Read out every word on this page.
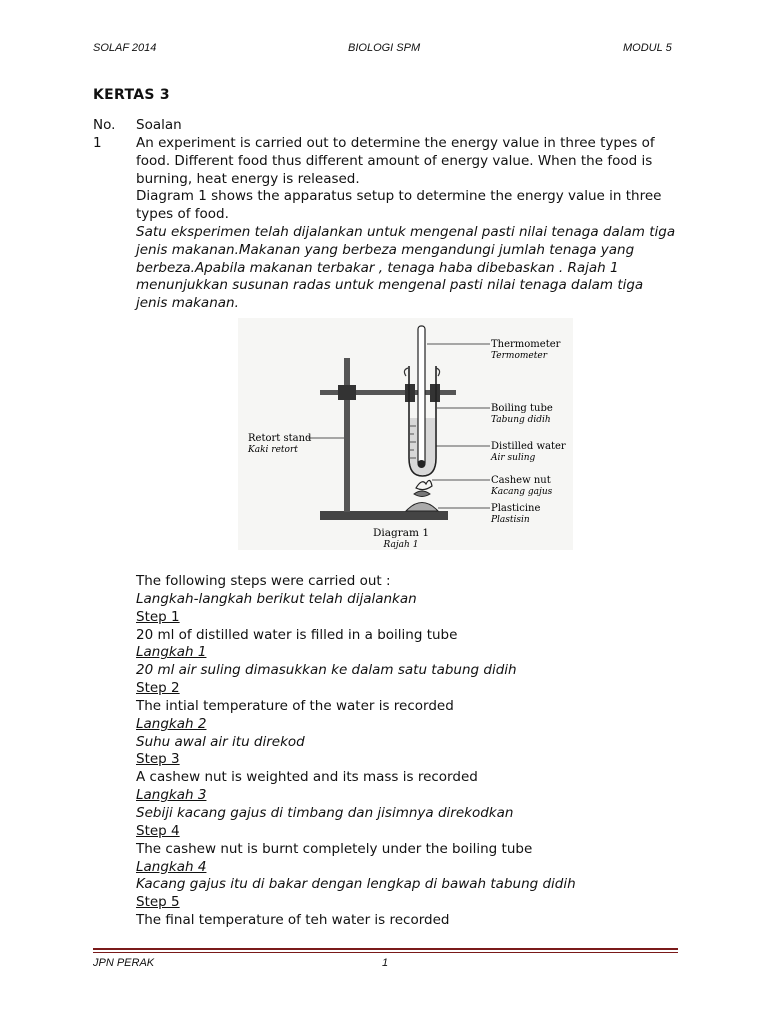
SOLAF 2014	BIOLOGI SPM	MODUL 5
KERTAS 3
No. Soalan
1	An experiment is carried out to determine the energy value in three types of food. Different food thus different amount of energy value. When the food is burning, heat energy is released.

Diagram 1 shows the apparatus setup to determine the energy value in three types of food.

Satu eksperimen telah dijalankan untuk mengenal pasti nilai tenaga dalam tiga jenis makanan.Makanan yang berbeza mengandungi jumlah tenaga yang berbeza.Apabila makanan terbakar , tenaga haba dibebaskan . Rajah 1 menunjukkan susunan radas untuk mengenal pasti nilai tenaga dalam tiga jenis makanan.

Thermometer
Termometer
Boiling tube
Tabung didih
Distilled water
Air suling
Cashew nut
Kacang gajus
Plasticine
Plastisin
Retort stand
Kaki retort
Diagram 1
Rajah 1
The following steps were carried out :
Langkah-langkah berikut telah dijalankan
Step 1
20 ml of distilled water is filled in a boiling tube
Langkah 1
20 ml air suling dimasukkan ke dalam satu tabung didih
Step 2
The intial temperature of the water is recorded
Langkah 2
Suhu awal air itu direkod
Step 3
A cashew nut is weighted and its mass is recorded
Langkah 3
Sebiji kacang gajus di timbang dan jisimnya direkodkan
Step 4
The cashew nut is burnt completely under the boiling tube
Langkah 4
Kacang gajus itu di bakar dengan lengkap di bawah tabung didih
Step 5
The final temperature of teh water is recorded
JPN PERAK	1
